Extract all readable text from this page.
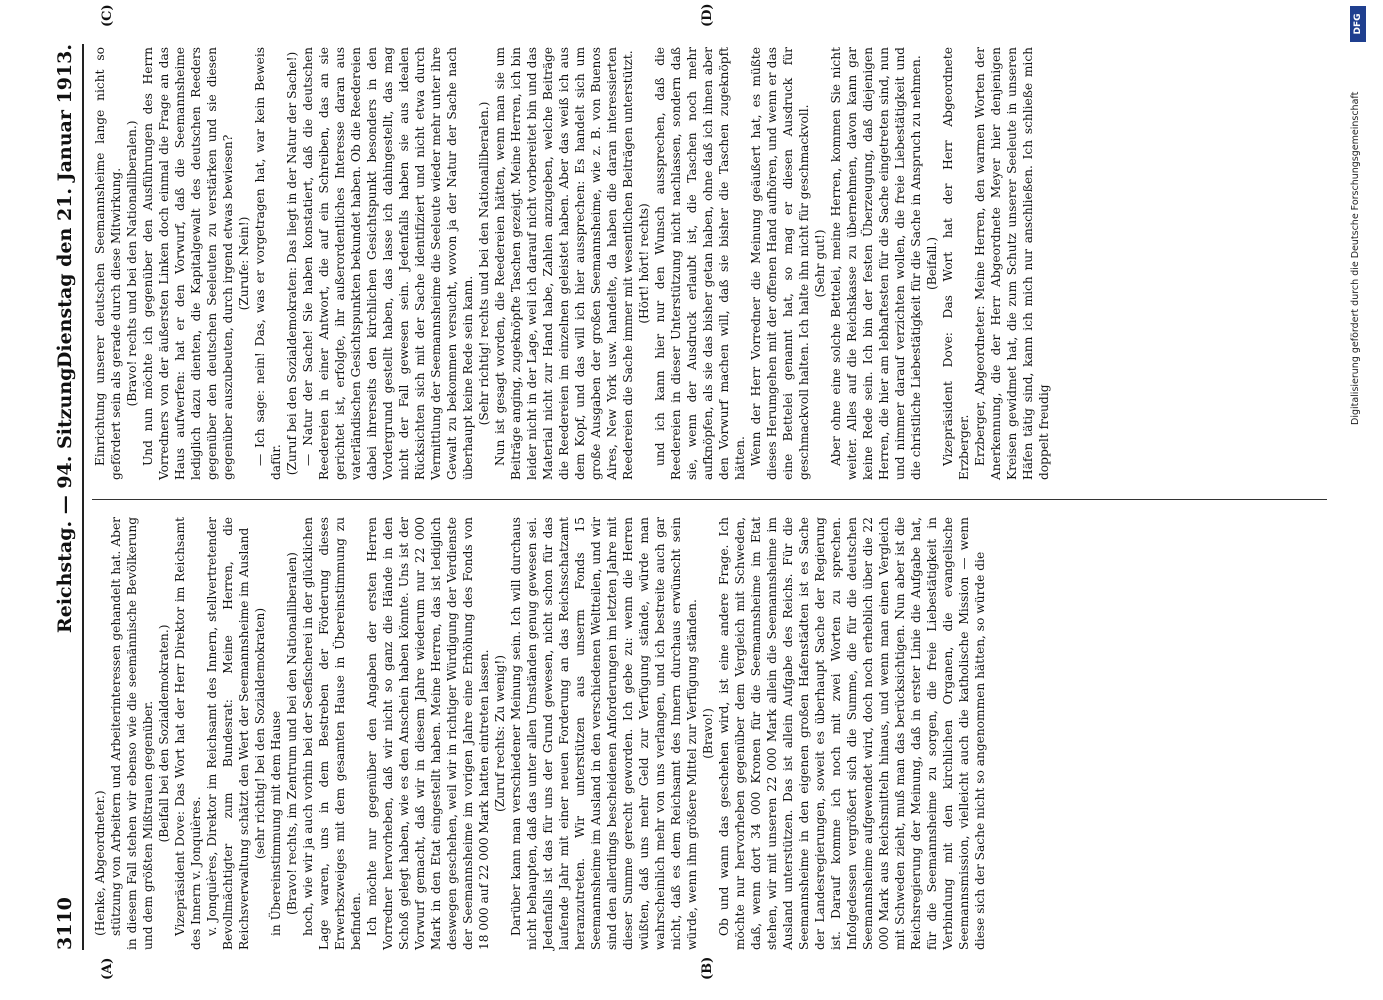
3110
Reichstag. — 94. Sitzung.
Dienstag den 21. Januar 1913.
(A)	(B)
(C)	(D)

(Henke, Abgeordneter.) stützung von Arbeitern und Arbeiterinteressen gehandelt hat. Aber in diesem Fall stehen wir ebenso wie die seemännische Bevölkerung und dem größten Mißtrauen gegenüber. (Beifall bei den Sozialdemokraten.) Vizepräsident Dove: Das Wort hat der Herr Direktor im Reichsamt des Innern v. Jonquières. v. Jonquières, Direktor im Reichsamt des Innern, stellvertretender Bevollmächtigter zum Bundesrat: Meine Herren, die Reichsverwaltung schätzt den Wert der Seemannsheime im Ausland (sehr richtig! bei den Sozialdemokraten) in Übereinstimmung mit dem Hause (Bravo! rechts, im Zentrum und bei den Nationalliberalen) hoch, wie wir ja auch vorhin bei der Seefischerei in der glücklichen Lage waren, uns in dem Bestreben der Förderung dieses Erwerbszweiges mit dem gesamten Hause in Übereinstimmung zu befinden. Ich möchte nur gegenüber den Angaben der ersten Herren Vorredner hervorheben, daß wir nicht so ganz die Hände in den Schoß gelegt haben, wie es den Anschein haben könnte. Uns ist der Vorwurf gemacht, daß wir in diesem Jahre wiederum nur 22 000 Mark in den Etat eingestellt haben. Meine Herren, das ist lediglich deswegen geschehen, weil wir in richtiger Würdigung der Verdienste der Seemannsheime im vorigen Jahre eine Erhöhung des Fonds von 18 000 auf 22 000 Mark hatten eintreten lassen. (Zuruf rechts: Zu wenig!) Darüber kann man verschiedener Meinung sein. Ich will durchaus nicht behaupten, daß das unter allen Umständen genug gewesen sei. Jedenfalls ist das für uns der Grund gewesen, nicht schon für das laufende Jahr mit einer neuen Forderung an das Reichsschatzamt heranzutreten. Wir unterstützen aus unserm Fonds 15 Seemannsheime im Ausland in den verschiedenen Weltteilen, und wir sind den allerdings bescheidenen Anforderungen im letzten Jahre mit dieser Summe gerecht geworden. Ich gebe zu: wenn die Herren wüßten, daß uns mehr Geld zur Verfügung stände, würde man wahrscheinlich mehr von uns verlangen, und ich bestreite auch gar nicht, daß es dem Reichsamt des Innern durchaus erwünscht sein würde, wenn ihm größere Mittel zur Verfügung ständen. (Bravo!) Ob und wann das geschehen wird, ist eine andere Frage. Ich möchte nur hervorheben gegenüber dem Vergleich mit Schweden, daß, wenn dort 34 000 Kronen für die Seemannsheime im Etat stehen, wir mit unseren 22 000 Mark allein die Seemannsheime im Ausland unterstützen. Das ist allein Aufgabe des Reichs. Für die Seemannsheime in den eigenen großen Hafenstädten ist es Sache der Landesregierungen, soweit es überhaupt Sache der Regierung ist. Darauf komme ich noch mit zwei Worten zu sprechen. Infolgedessen vergrößert sich die Summe, die für die deutschen Seemannsheime aufgewendet wird, doch noch erheblich über die 22 000 Mark aus Reichsmitteln hinaus, und wenn man einen Vergleich mit Schweden zieht, muß man das berücksichtigen. Nun aber ist die Reichsregierung der Meinung, daß in erster Linie die Aufgabe hat, für die Seemannsheime zu sorgen, die freie Liebestätigkeit in Verbindung mit den kirchlichen Organen, die evangelische Seemannsmission, vielleicht auch die katholische Mission — wenn diese sich der Sache nicht so angenommen hätten, so würde die

Einrichtung unserer deutschen Seemannsheime lange nicht so gefördert sein als gerade durch diese Mitwirkung. (Bravo! rechts und bei den Nationalliberalen.) Und nun möchte ich gegenüber den Ausführungen des Herrn Vorredners von der äußersten Linken doch einmal die Frage an das Haus aufwerfen: hat er den Vorwurf, daß die Seemannsheime lediglich dazu dienten, die Kapitalgewalt des deutschen Reeders gegenüber den deutschen Seeleuten zu verstärken und sie diesen gegenüber auszubeuten, durch irgend etwas bewiesen? (Zurufe: Nein!) — Ich sage: nein! Das, was er vorgetragen hat, war kein Beweis dafür. (Zuruf bei den Sozialdemokraten: Das liegt in der Natur der Sache!) — Natur der Sache! Sie haben konstatiert, daß die deutschen Reedereien in einer Antwort, die auf ein Schreiben, das an sie gerichtet ist, erfolgte, ihr außerordentliches Interesse daran aus vaterländischen Gesichtspunkten bekundet haben. Ob die Reedereien dabei ihrerseits den kirchlichen Gesichtspunkt besonders in den Vordergrund gestellt haben, das lasse ich dahingestellt, das mag nicht der Fall gewesen sein. Jedenfalls haben sie aus idealen Rücksichten sich mit der Sache identifiziert und nicht etwa durch Vermittlung der Seemannsheime die Seeleute wieder mehr unter ihre Gewalt zu bekommen versucht, wovon ja der Natur der Sache nach überhaupt keine Rede sein kann. (Sehr richtig! rechts und bei den Nationalliberalen.) Nun ist gesagt worden, die Reedereien hätten, wenn man sie um Beiträge anging, zugeknöpfte Taschen gezeigt. Meine Herren, ich bin leider nicht in der Lage, weil ich darauf nicht vorbereitet bin und das Material nicht zur Hand habe, Zahlen anzugeben, welche Beiträge die Reedereien im einzelnen geleistet haben. Aber das weiß ich aus dem Kopf, und das will ich hier aussprechen: Es handelt sich um große Ausgaben der großen Seemannsheime, wie z. B. von Buenos Aires, New York usw. handelte, da haben die daran interessierten Reedereien die Sache immer mit wesentlichen Beiträgen unterstützt. (Hört! hört! rechts) und ich kann hier nur den Wunsch aussprechen, daß die Reedereien in dieser Unterstützung nicht nachlassen, sondern daß sie, wenn der Ausdruck erlaubt ist, die Taschen noch mehr aufknöpfen, als sie das bisher getan haben, ohne daß ich ihnen aber den Vorwurf machen will, daß sie bisher die Taschen zugeknöpft hätten. Wenn der Herr Vorredner die Meinung geäußert hat, es müßte dieses Herumgehen mit der offenen Hand aufhören, und wenn er das eine Bettelei genannt hat, so mag er diesen Ausdruck für geschmackvoll halten. Ich halte ihn nicht für geschmackvoll. (Sehr gut!) Aber ohne eine solche Bettelei, meine Herren, kommen Sie nicht weiter. Alles auf die Reichskasse zu übernehmen, davon kann gar keine Rede sein. Ich bin der festen Überzeugung, daß diejenigen Herren, die hier am lebhaftesten für die Sache eingetreten sind, nun und nimmer darauf verzichten wollen, die freie Liebestätigkeit und die christliche Liebestätigkeit für die Sache in Anspruch zu nehmen. (Beifall.) Vizepräsident Dove: Das Wort hat der Herr Abgeordnete Erzberger. Erzberger, Abgeordneter: Meine Herren, den warmen Worten der Anerkennung, die der Herr Abgeordnete Meyer hier denjenigen Kreisen gewidmet hat, die zum Schutz unserer Seeleute in unseren Häfen tätig sind, kann ich mich nur anschließen. Ich schließe mich doppelt freudig

Digitalisierung gefördert durch die Deutsche Forschungsgemeinschaft
DFG
